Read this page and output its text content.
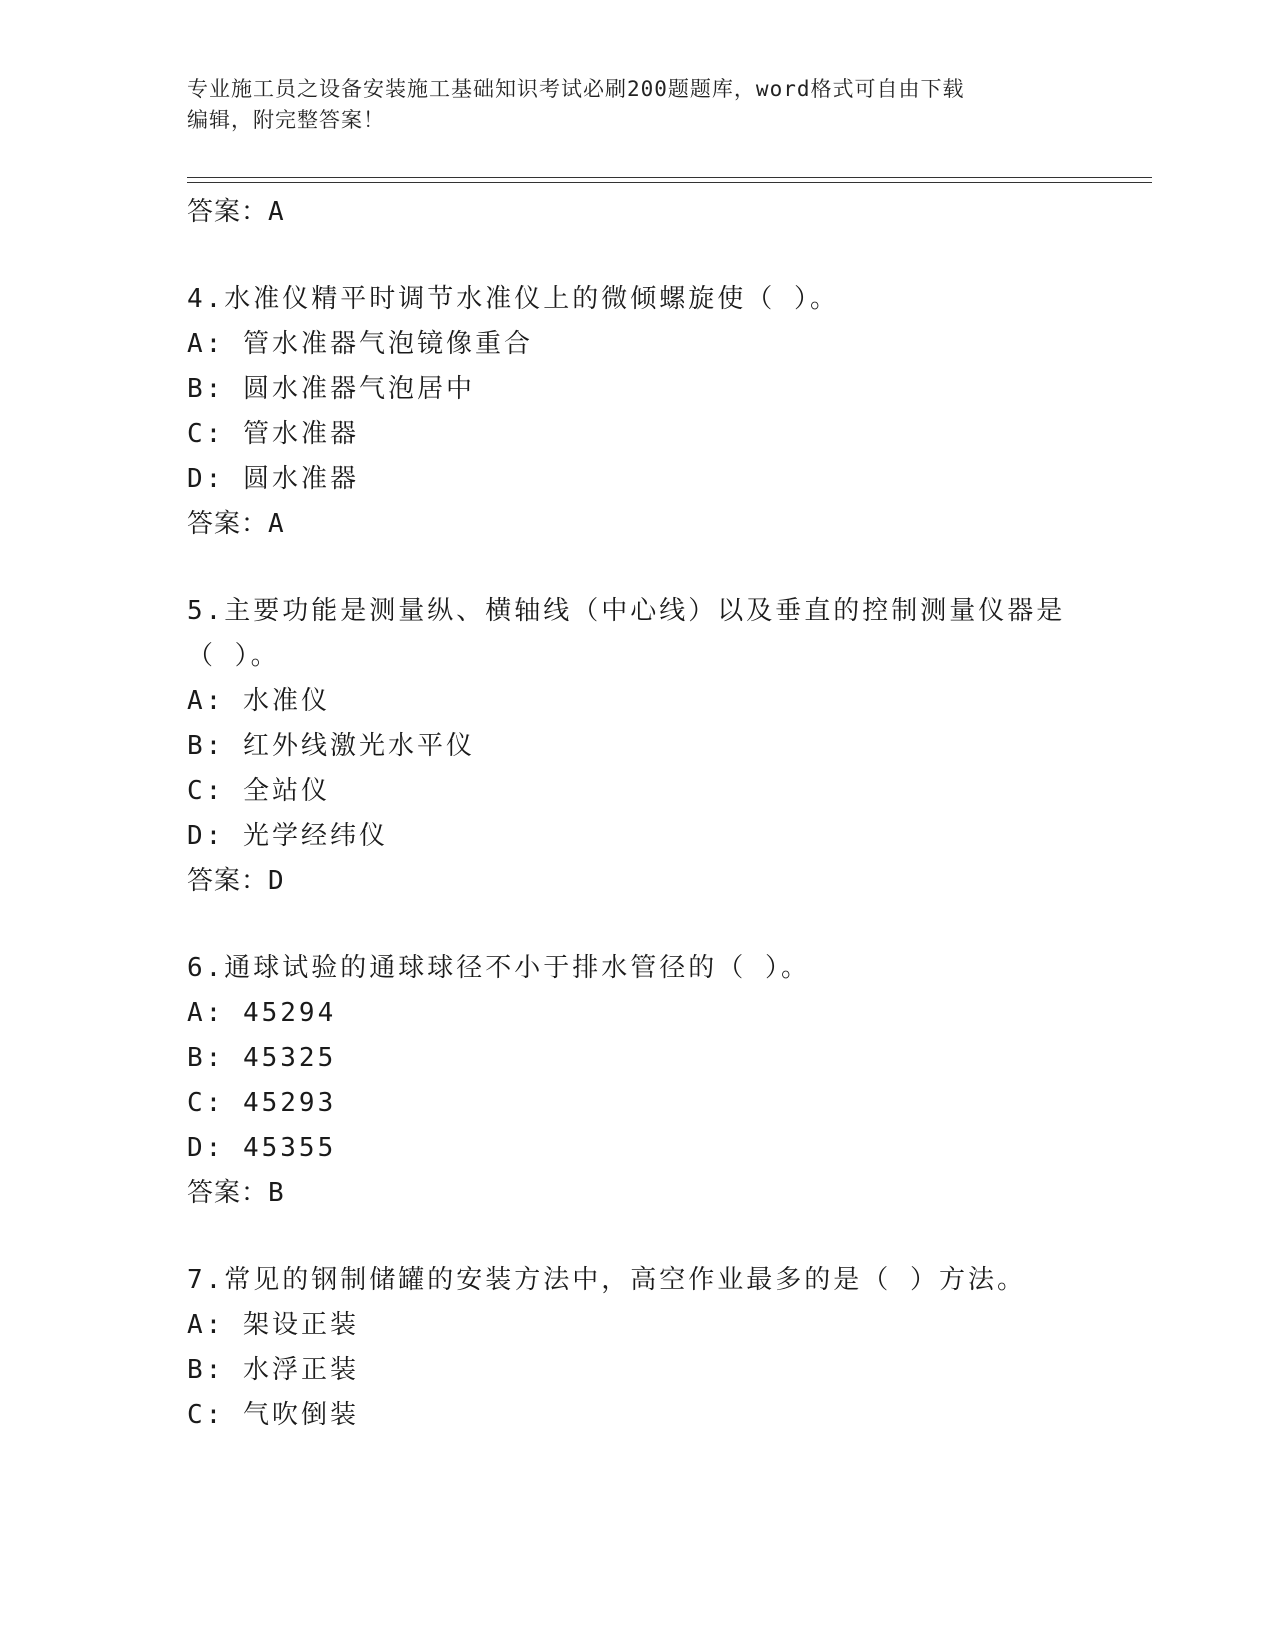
专业施工员之设备安装施工基础知识考试必刷200题题库，word格式可自由下载
编辑，附完整答案！
答案：A
4.水准仪精平时调节水准仪上的微倾螺旋使（ ）。
A: 管水准器气泡镜像重合
B: 圆水准器气泡居中
C: 管水准器
D: 圆水准器
答案：A
5.主要功能是测量纵、横轴线（中心线）以及垂直的控制测量仪器是
（ ）。
A: 水准仪
B: 红外线激光水平仪
C: 全站仪
D: 光学经纬仪
答案：D
6.通球试验的通球球径不小于排水管径的（ ）。
A: 45294
B: 45325
C: 45293
D: 45355
答案：B
7.常见的钢制储罐的安装方法中，高空作业最多的是（ ）方法。
A: 架设正装
B: 水浮正装
C: 气吹倒装
